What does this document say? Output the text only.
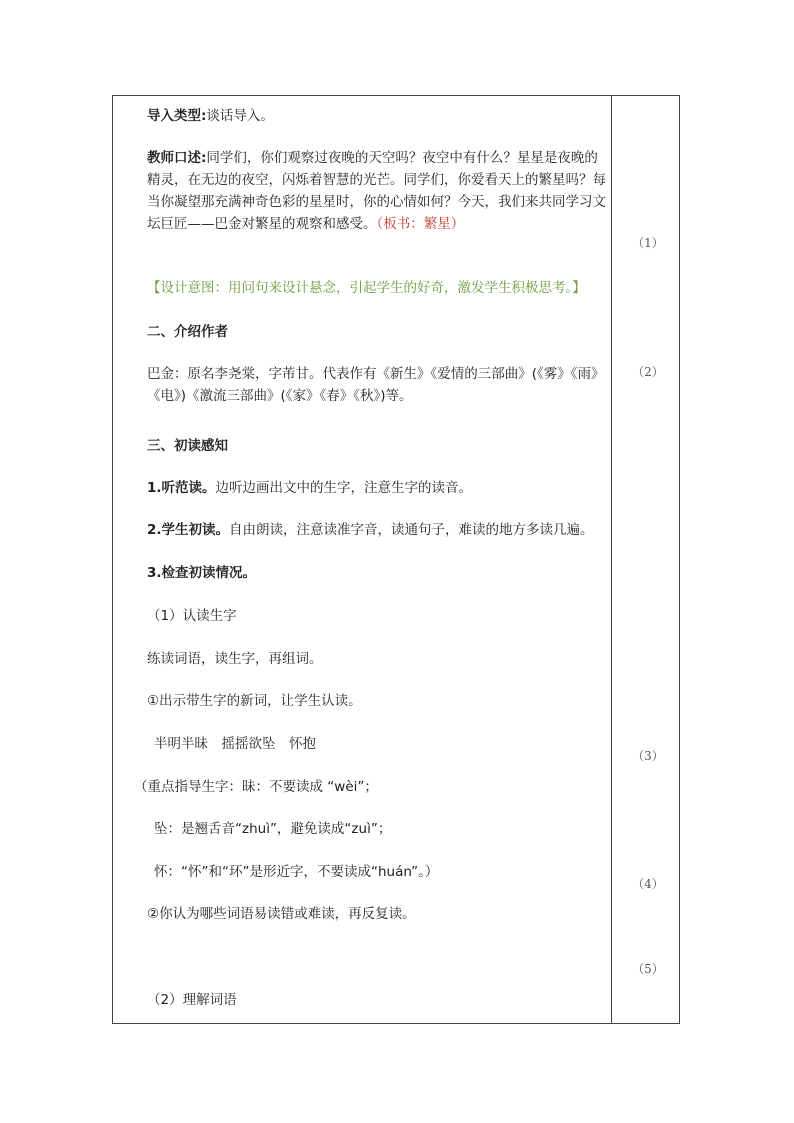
导入类型:谈话导入。
教师口述:同学们，你们观察过夜晚的天空吗？夜空中有什么？星星是夜晚的精灵，在无边的夜空，闪烁着智慧的光芒。同学们，你爱看天上的繁星吗？每当你凝望那充满神奇色彩的星星时，你的心情如何？今天，我们来共同学习文坛巨匠——巴金对繁星的观察和感受。（板书：繁星）
【设计意图：用问句来设计悬念，引起学生的好奇，激发学生积极思考。】
二、介绍作者
巴金：原名李尧棠，字芾甘。代表作有《新生》《爱情的三部曲》(《雾》《雨》《电》)《激流三部曲》(《家》《春》《秋》)等。
三、初读感知
1.听范读。边听边画出文中的生字，注意生字的读音。
2.学生初读。自由朗读，注意读准字音，读通句子，难读的地方多读几遍。
3.检查初读情况。
（1）认读生字
练读词语，读生字，再组词。
①出示带生字的新词，让学生认读。
半明半昧　摇摇欲坠　怀抱
（重点指导生字：昧：不要读成 “wèi”；
坠：是翘舌音“zhuì”，避免读成“zuì”；
怀：“怀”和“环”是形近字，不要读成“huán”。）
②你认为哪些词语易读错或难读，再反复读。
（2）理解词语
（1）
（2）
（3）
（4）
（5）
